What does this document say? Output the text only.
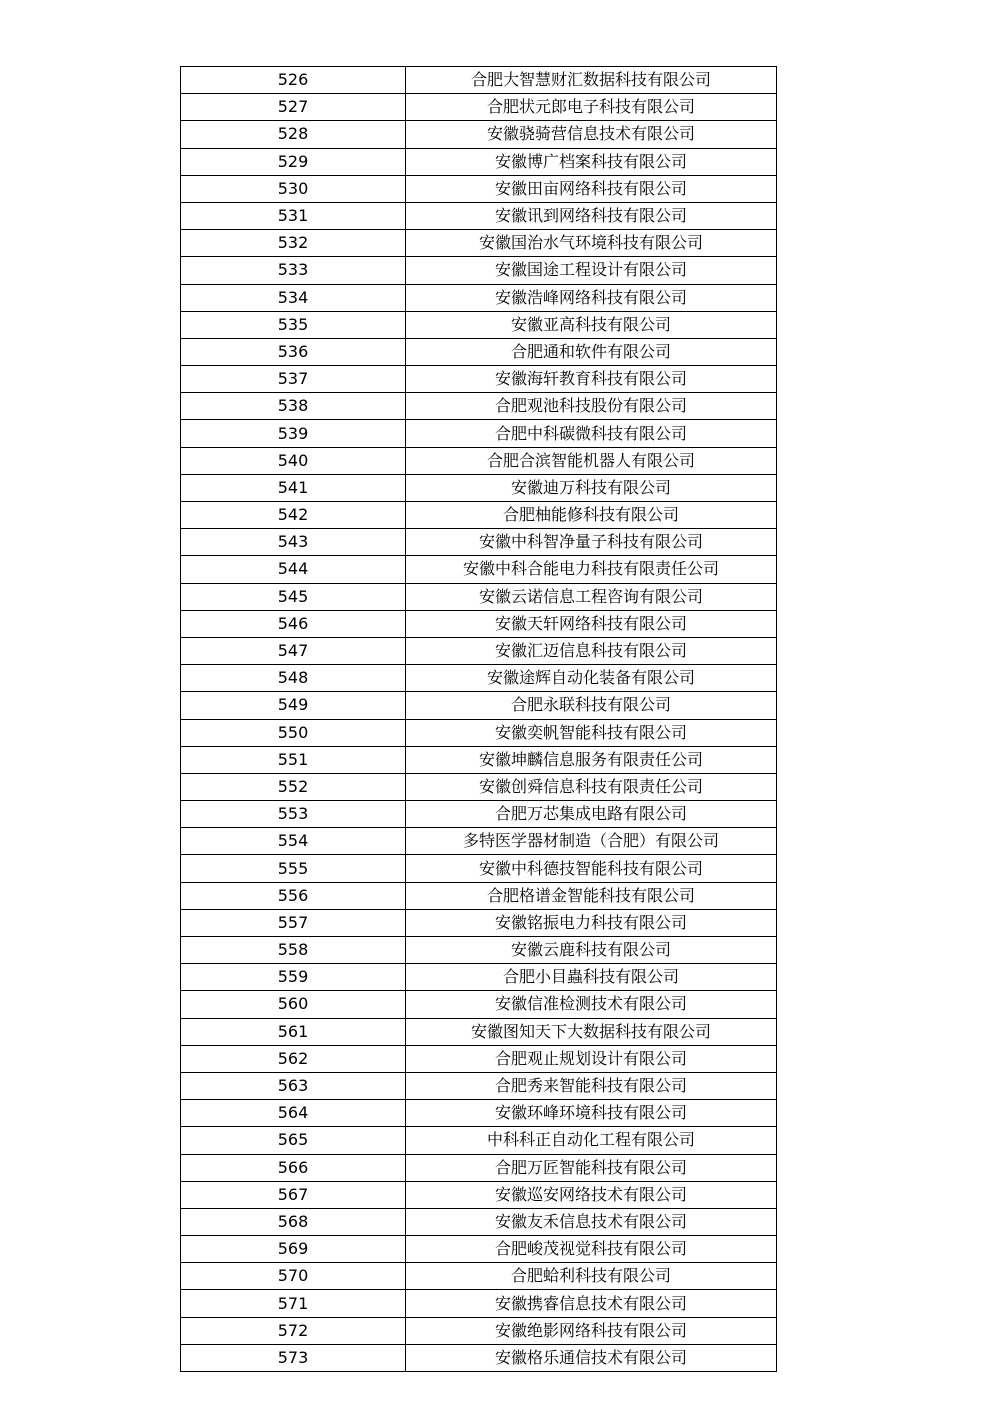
526	合肥大智慧财汇数据科技有限公司
527	合肥状元郎电子科技有限公司
528	安徽骁骑营信息技术有限公司
529	安徽博广档案科技有限公司
530	安徽田亩网络科技有限公司
531	安徽讯到网络科技有限公司
532	安徽国治水气环境科技有限公司
533	安徽国途工程设计有限公司
534	安徽浩峰网络科技有限公司
535	安徽亚高科技有限公司
536	合肥通和软件有限公司
537	安徽海轩教育科技有限公司
538	合肥观池科技股份有限公司
539	合肥中科碳微科技有限公司
540	合肥合滨智能机器人有限公司
541	安徽迪万科技有限公司
542	合肥柚能修科技有限公司
543	安徽中科智净量子科技有限公司
544	安徽中科合能电力科技有限责任公司
545	安徽云诺信息工程咨询有限公司
546	安徽天轩网络科技有限公司
547	安徽汇迈信息科技有限公司
548	安徽途辉自动化装备有限公司
549	合肥永联科技有限公司
550	安徽奕帆智能科技有限公司
551	安徽坤麟信息服务有限责任公司
552	安徽创舜信息科技有限责任公司
553	合肥万芯集成电路有限公司
554	多特医学器材制造（合肥）有限公司
555	安徽中科德技智能科技有限公司
556	合肥格谱金智能科技有限公司
557	安徽铭振电力科技有限公司
558	安徽云鹿科技有限公司
559	合肥小目蟲科技有限公司
560	安徽信准检测技术有限公司
561	安徽图知天下大数据科技有限公司
562	合肥观止规划设计有限公司
563	合肥秀来智能科技有限公司
564	安徽环峰环境科技有限公司
565	中科科正自动化工程有限公司
566	合肥万匠智能科技有限公司
567	安徽巡安网络技术有限公司
568	安徽友禾信息技术有限公司
569	合肥峻茂视觉科技有限公司
570	合肥蛤利科技有限公司
571	安徽携睿信息技术有限公司
572	安徽绝影网络科技有限公司
573	安徽格乐通信技术有限公司
